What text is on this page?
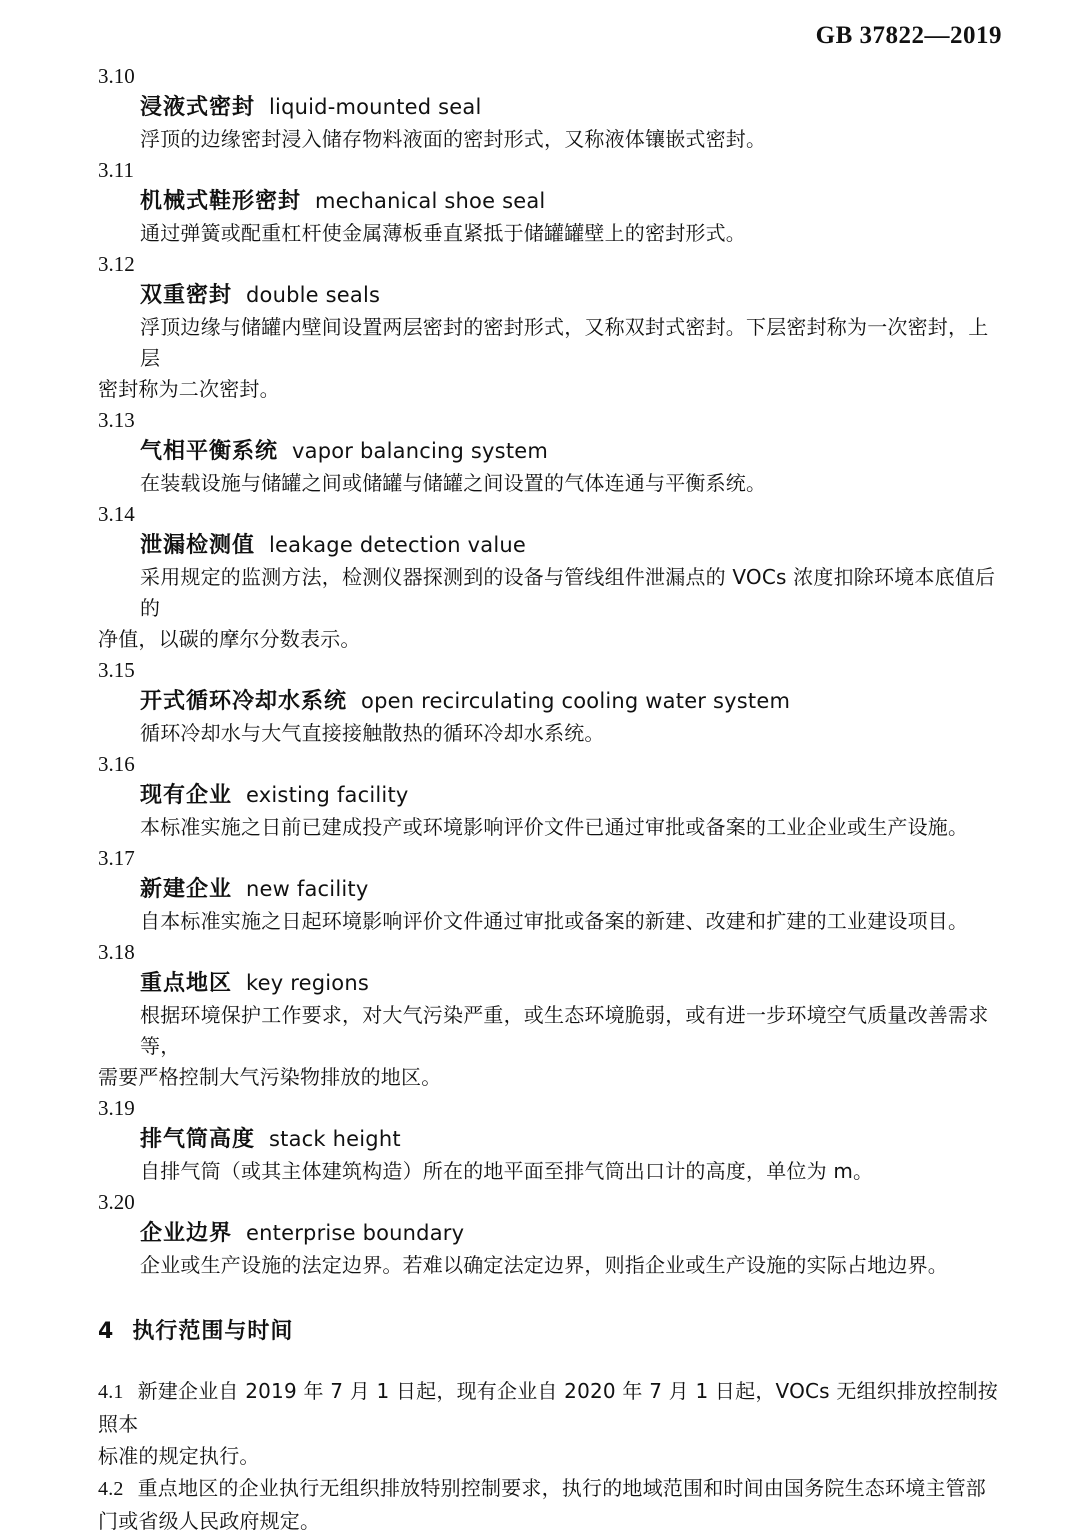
GB 37822—2019

3.10

浸液式密封 liquid-mounted seal

浮顶的边缘密封浸入储存物料液面的密封形式，又称液体镶嵌式密封。

3.11

机械式鞋形密封 mechanical shoe seal

通过弹簧或配重杠杆使金属薄板垂直紧抵于储罐罐壁上的密封形式。

3.12

双重密封 double seals

浮顶边缘与储罐内壁间设置两层密封的密封形式，又称双封式密封。下层密封称为一次密封，上层

密封称为二次密封。

3.13

气相平衡系统 vapor balancing system

在装载设施与储罐之间或储罐与储罐之间设置的气体连通与平衡系统。

3.14

泄漏检测值 leakage detection value

采用规定的监测方法，检测仪器探测到的设备与管线组件泄漏点的 VOCs 浓度扣除环境本底值后的

净值，以碳的摩尔分数表示。

3.15

开式循环冷却水系统 open recirculating cooling water system

循环冷却水与大气直接接触散热的循环冷却水系统。

3.16

现有企业 existing facility

本标准实施之日前已建成投产或环境影响评价文件已通过审批或备案的工业企业或生产设施。

3.17

新建企业 new facility

自本标准实施之日起环境影响评价文件通过审批或备案的新建、改建和扩建的工业建设项目。

3.18

重点地区 key regions

根据环境保护工作要求，对大气污染严重，或生态环境脆弱，或有进一步环境空气质量改善需求等，

需要严格控制大气污染物排放的地区。

3.19

排气筒高度 stack height

自排气筒（或其主体建筑构造）所在的地平面至排气筒出口计的高度，单位为 m。

3.20

企业边界 enterprise boundary

企业或生产设施的法定边界。若难以确定法定边界，则指企业或生产设施的实际占地边界。

4 执行范围与时间

4.1 新建企业自 2019 年 7 月 1 日起，现有企业自 2020 年 7 月 1 日起，VOCs 无组织排放控制按照本

标准的规定执行。

4.2 重点地区的企业执行无组织排放特别控制要求，执行的地域范围和时间由国务院生态环境主管部

门或省级人民政府规定。
